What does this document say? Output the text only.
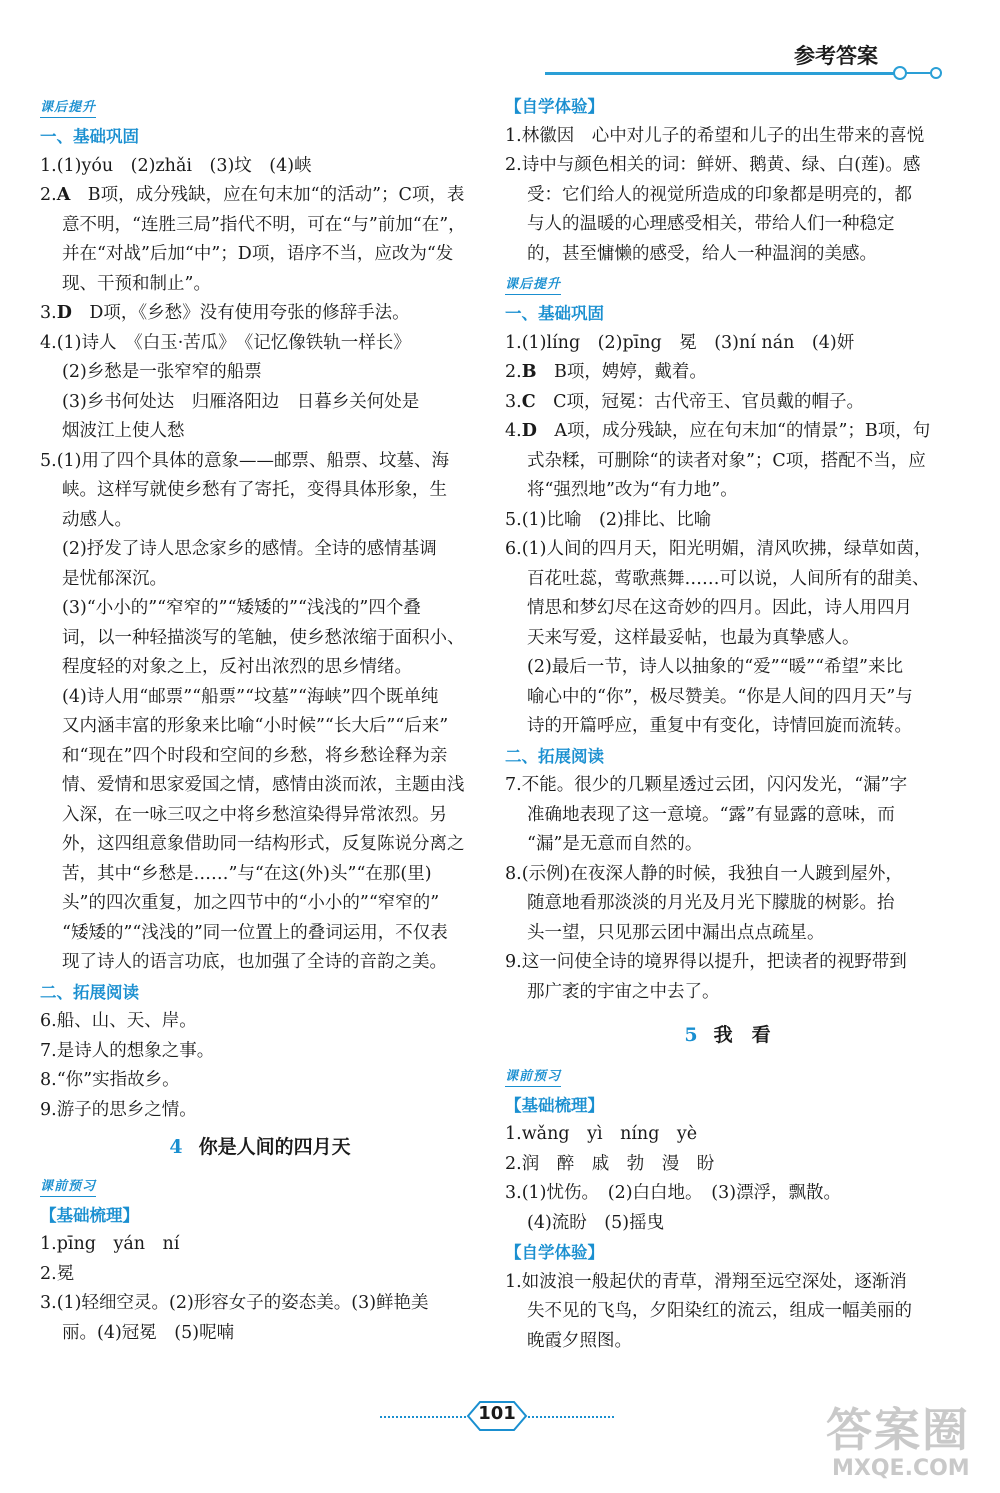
参考答案
课后提升
一、基础巩固
1.(1)yóu　(2)zhǎi　(3)坟　(4)峡
2.A　B项，成分残缺，应在句末加“的活动”；C项，表
意不明，“连胜三局”指代不明，可在“与”前加“在”，
并在“对战”后加“中”；D项，语序不当，应改为“发
现、干预和制止”。
3.D　D项，《乡愁》没有使用夸张的修辞手法。
4.(1)诗人　《白玉·苦瓜》　《记忆像铁轨一样长》
(2)乡愁是一张窄窄的船票
(3)乡书何处达　归雁洛阳边　日暮乡关何处是
烟波江上使人愁
5.(1)用了四个具体的意象——邮票、船票、坟墓、海
峡。这样写就使乡愁有了寄托，变得具体形象，生
动感人。
(2)抒发了诗人思念家乡的感情。全诗的感情基调
是忧郁深沉。
(3)“小小的”“窄窄的”“矮矮的”“浅浅的”四个叠
词，以一种轻描淡写的笔触，使乡愁浓缩于面积小、
程度轻的对象之上，反衬出浓烈的思乡情绪。
(4)诗人用“邮票”“船票”“坟墓”“海峡”四个既单纯
又内涵丰富的形象来比喻“小时候”“长大后”“后来”
和“现在”四个时段和空间的乡愁，将乡愁诠释为亲
情、爱情和思家爱国之情，感情由淡而浓，主题由浅
入深，在一咏三叹之中将乡愁渲染得异常浓烈。另
外，这四组意象借助同一结构形式，反复陈说分离之
苦，其中“乡愁是……”与“在这(外)头”“在那(里)
头”的四次重复，加之四节中的“小小的”“窄窄的”
“矮矮的”“浅浅的”同一位置上的叠词运用，不仅表
现了诗人的语言功底，也加强了全诗的音韵之美。
二、拓展阅读
6.船、山、天、岸。
7.是诗人的想象之事。
8.“你”实指故乡。
9.游子的思乡之情。
4 你是人间的四月天
课前预习
【基础梳理】
1.pīng　yán　ní
2.冕
3.(1)轻细空灵。(2)形容女子的姿态美。(3)鲜艳美
丽。(4)冠冕　(5)呢喃
【自学体验】
1.林徽因　心中对儿子的希望和儿子的出生带来的喜悦
2.诗中与颜色相关的词：鲜妍、鹅黄、绿、白(莲)。感
受：它们给人的视觉所造成的印象都是明亮的，都
与人的温暖的心理感受相关，带给人们一种稳定
的，甚至慵懒的感受，给人一种温润的美感。
课后提升
一、基础巩固
1.(1)líng　(2)pīng　冕　(3)ní nán　(4)妍
2.B　B项，娉婷，戴着。
3.C　C项，冠冕：古代帝王、官员戴的帽子。
4.D　A项，成分残缺，应在句末加“的情景”；B项，句
式杂糅，可删除“的读者对象”；C项，搭配不当，应
将“强烈地”改为“有力地”。
5.(1)比喻　(2)排比、比喻
6.(1)人间的四月天，阳光明媚，清风吹拂，绿草如茵，
百花吐蕊，莺歌燕舞……可以说，人间所有的甜美、
情思和梦幻尽在这奇妙的四月。因此，诗人用四月
天来写爱，这样最妥帖，也最为真挚感人。
(2)最后一节，诗人以抽象的“爱”“暖”“希望”来比
喻心中的“你”，极尽赞美。“你是人间的四月天”与
诗的开篇呼应，重复中有变化，诗情回旋而流转。
二、拓展阅读
7.不能。很少的几颗星透过云团，闪闪发光，“漏”字
准确地表现了这一意境。“露”有显露的意味，而
“漏”是无意而自然的。
8.(示例)在夜深人静的时候，我独自一人踱到屋外，
随意地看那淡淡的月光及月光下朦胧的树影。抬
头一望，只见那云团中漏出点点疏星。
9.这一问使全诗的境界得以提升，把读者的视野带到
那广袤的宇宙之中去了。
5 我　看
课前预习
【基础梳理】
1.wǎng　yì　níng　yè
2.润　醉　戚　勃　漫　盼
3.(1)忧伤。　(2)白白地。　(3)漂浮，飘散。
(4)流盼　(5)摇曳
【自学体验】
1.如波浪一般起伏的青草，滑翔至远空深处，逐渐消
失不见的飞鸟，夕阳染红的流云，组成一幅美丽的
晚霞夕照图。
101	答案圈
MXQE.COM
